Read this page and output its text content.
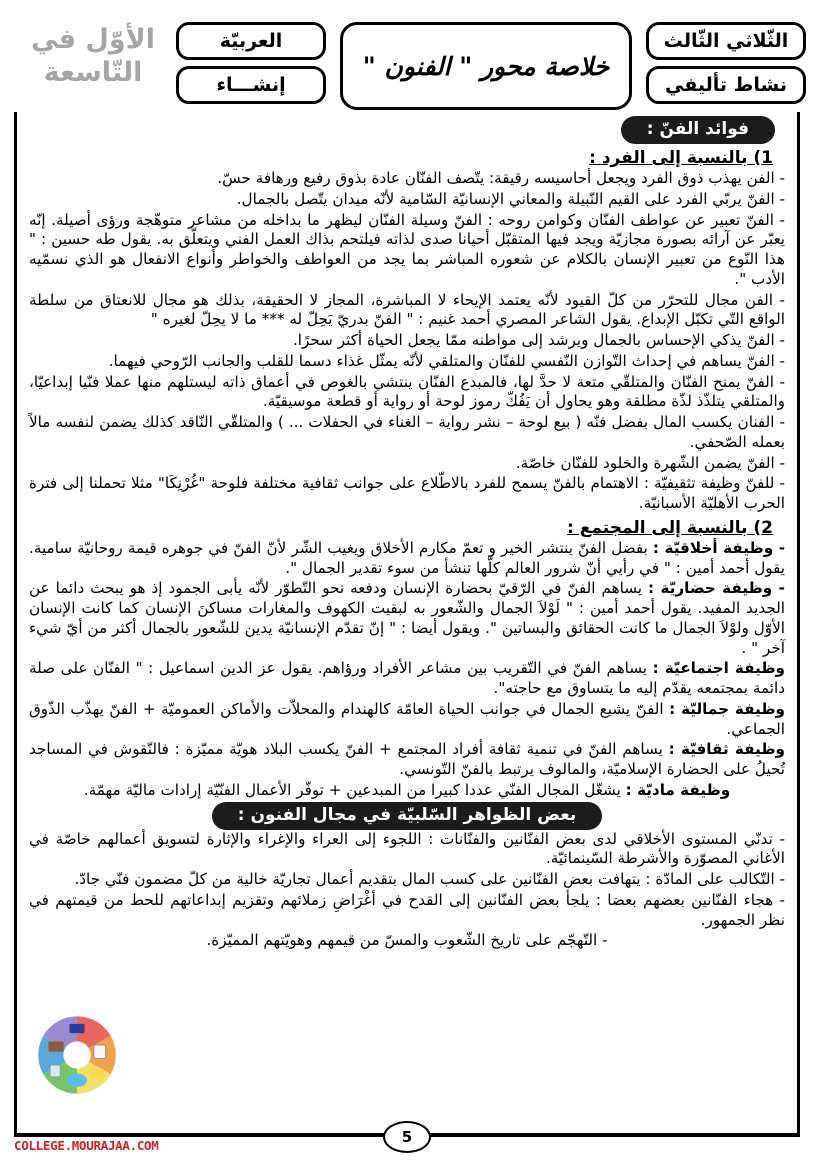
الثّلاثي الثّالث
نشاط تأليفي
خلاصة محور " الفنون "
العربيّة
إنشـــاء
الأوّل في
التّاسعة
فوائد الفنّ :
1) بالنسبة إلى الفرد :

- الفن يهذب ذوق الفرد ويجعل أحاسيسه رقيقة: يتّصف الفنّان عادة بذوق رفيع ورهافة حسّ.

- الفنّ يربّي الفرد على القيم النّبيلة والمعاني الإنسانيّة السّامية لأنّه ميدان يتّصل بالجمال.

- الفنّ تعبير عن عواطف الفنّان وكوامن روحه : الفنّ وسيلة الفنّان ليظهر ما بداخله من مشاعر متوهّجة ورؤى أصيلة. إنّه يعبّر عن آرائه بصورة مجازيّة ويجد فيها المتقبّل أحيانا صدى لذاته فيلتحم بذاك العمل الفني ويتعلّق به. يقول طه حسين : " هذا النّوع من تعبير الإنسان بالكلام عن شعوره المباشر بما يجد من العواطف والخواطر وأنواع الانفعال هو الذي نسمّيه الأدب ".

- الفن مجال للتحرّر من كلّ القيود لأنّه يعتمد الإيحاء لا المباشرة، المجاز لا الحقيقة، بذلك هو مجال للانعتاق من سلطة الواقع التّي تكبّل الإبداع. يقول الشاعر المصري أحمد غنيم : " الفنّ بدريّ يَحِلّ له *** ما لا يحِلّ لغيره "

- الفنّ يذكي الإحساس بالجمال ويرشد إلى مواطنه ممّا يجعل الحياة أكثر سحرًا.

- الفنّ يساهم في إحداث التّوازن النّفسي للفنّان والمتلقي لأنّه يمثّل غذاء دسما للقلب والجانب الرّوحي فيهما.

- الفنّ يمنح الفنّان والمتلقّي متعة لا حدَّ لها، فالمبدع الفنّان ينتشي بالغوص في أعماق ذاته ليستلهم منها عملا فنّيا إبداعيّا، والمتلقي يتلذّذ لذّة مطلقة وهو يحاول أن يَفُكّ رموز لوحة أو رواية أو قطعة موسيقيّة.

- الفنان يكسب المال بفضل فنّه ( بيع لوحة – نشر رواية – الغناء في الحفلات ... ) والمتلقّي النّاقد كذلك يضمن لنفسه مالاً بعمله الصّحفي.

- الفنّ يضمن الشّهرة والخلود للفنّان خاصّة.

- للفنّ وظيفة تثقيفيّة : الاهتمام بالفنّ يسمح للفرد بالاطّلاع على جوانب ثقافية مختلفة فلوحة "غُرْنِكَا" مثلا تحملنا إلى فترة الحرب الأهليّة الأسبانيّة.

2) بالنسبة إلى المجتمع :

- وظيفة أخلاقيّة : بفضل الفنّ ينتشر الخير و تعمّ مكارم الأخلاق ويغيب الشّر لأنّ الفنّ في جوهره قيمة روحانيّة سامية. يقول أحمد أمين : " في رأيي أنّ شرور العالم كلّها تنشأ من سوء تقدير الجمال ".

- وظيفة حضاريّة : يساهم الفنّ في الرّقيّ بحضارة الإنسان ودفعه نحو التّطوّر لأنّه يأبى الجمود إذ هو يبحث دائما عن الجديد المفيد. يقول أحمد أمين : " لَوْلاَ الجمال والشّعور به لبقيت الكهوف والمغارات مساكنَ الإنسان كما كانت الإنسان الأوّل ولوْلاَ الجمال ما كانت الحقائق والبساتين ". ويقول أيضا : " إنّ تقدّم الإنسانيّة يدين للشّعور بالجمال أكثر من أيّ شيء آخر " .

وظيفة اجتماعيّة : يساهم الفنّ في التّقريب بين مشاعر الأفراد ورؤاهم. يقول عز الدين اسماعيل : " الفنّان على صلة دائمة بمجتمعه يقدّم إليه ما يتساوق مع حاجته".

وظيفة جماليّة : الفنّ يشيع الجمال في جوانب الحياة العامّة كالهندام والمحلاّت والأماكن العموميّة + الفنّ يهذّب الذّوق الجماعي.

وظيفة ثقافيّة : يساهم الفنّ في تنمية ثقافة أفراد المجتمع + الفنّ يكسب البلاد هويّة مميّزة : فالنّقوش في المساجد تُحيلُ على الحضارة الإسلاميّة، والمالوف يرتبط بالفنّ التّونسي.

وظيفة ماديّة : يشغّل المجال الفنّي عددا كبيرا من المبدعين + توفّر الأعمال الفنّيّة إرادات ماليّة مهمّة.

بعض الظواهر السّلبيّة في مجال الفنون :

- تدنّي المستوى الأخلاقي لدى بعض الفنّانين والفنّانات : اللجوء إلى العراء والإغراء والإثارة لتسويق أعمالهم خاصّة في الأغاني المصوّرة والأشرطة السّينمائيّة.

- التّكالب على المادّة : يتهافت بعض الفنّانين على كسب المال بتقديم أعمال تجاريّة خالية من كلّ مضمون فنّي جادّ.

- هجاء الفنّانين بعضهم بعضا : يلجأ بعض الفنّانين إلى القدح في أغْرَاضِ زملائهم وتقزيم إبداعاتهم للحط من قيمتهم في نظر الجمهور.

- التّهجّم على تاريخ الشّعوب والمسّ من قيمهم وهويّتهم المميّزة.

5
COLLEGE.MOURAJAA.COM
